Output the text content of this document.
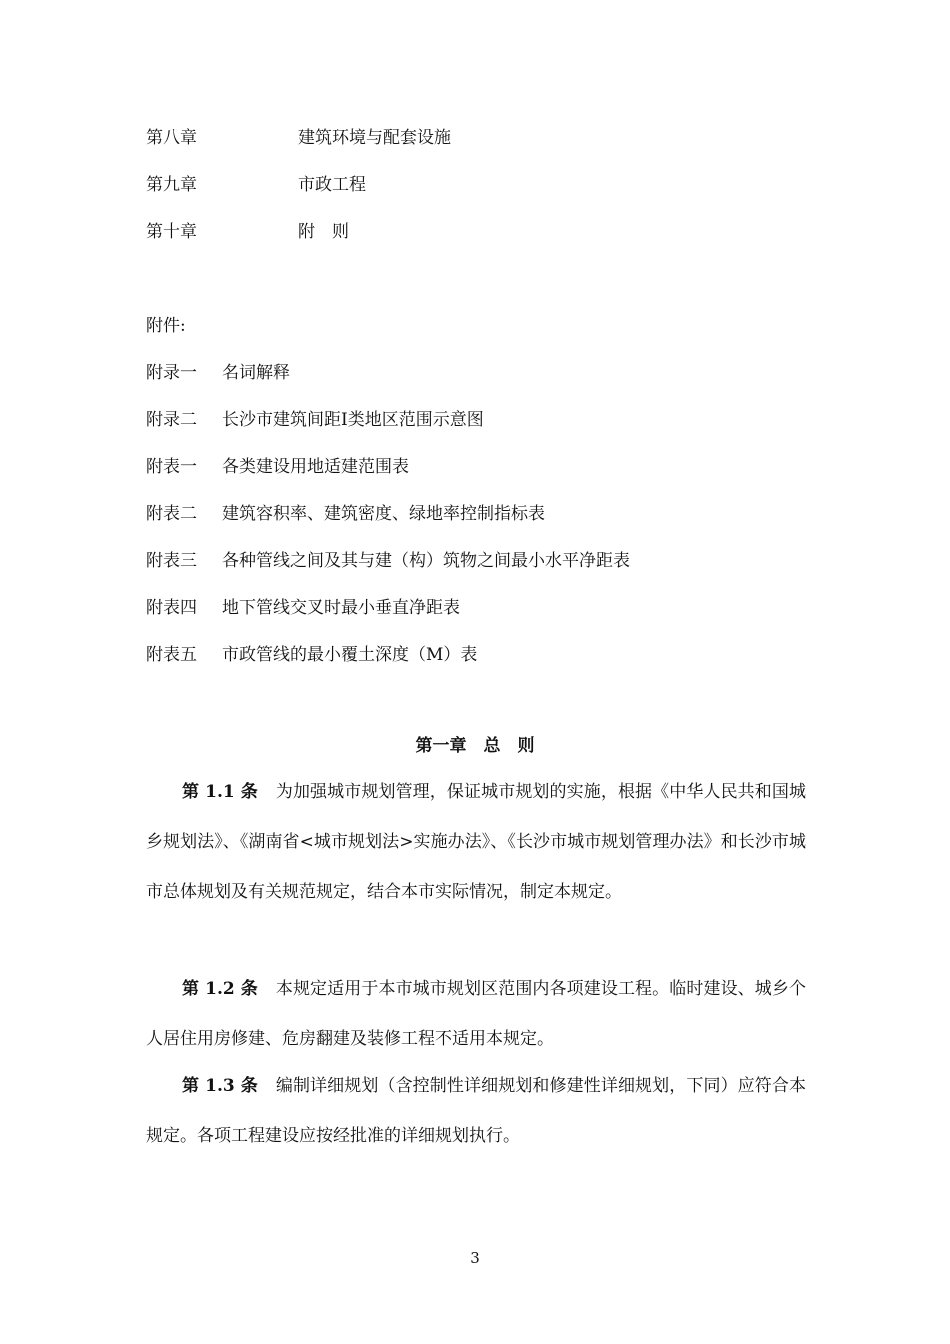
第八章	建筑环境与配套设施
第九章	市政工程
第十章	附　则
附件:
附录一 名词解释
附录二 长沙市建筑间距Ⅰ类地区范围示意图
附表一 各类建设用地适建范围表
附表二 建筑容积率、建筑密度、绿地率控制指标表
附表三 各种管线之间及其与建（构）筑物之间最小水平净距表
附表四 地下管线交叉时最小垂直净距表
附表五 市政管线的最小覆土深度（M）表
第一章　总　则
第 1.1 条 为加强城市规划管理，保证城市规划的实施，根据《中华人民共和国城乡规划法》、《湖南省<城市规划法>实施办法》、《长沙市城市规划管理办法》和长沙市城市总体规划及有关规范规定，结合本市实际情况，制定本规定。
第 1.2 条 本规定适用于本市城市规划区范围内各项建设工程。临时建设、城乡个人居住用房修建、危房翻建及装修工程不适用本规定。
第 1.3 条 编制详细规划（含控制性详细规划和修建性详细规划，下同）应符合本规定。各项工程建设应按经批准的详细规划执行。
3
